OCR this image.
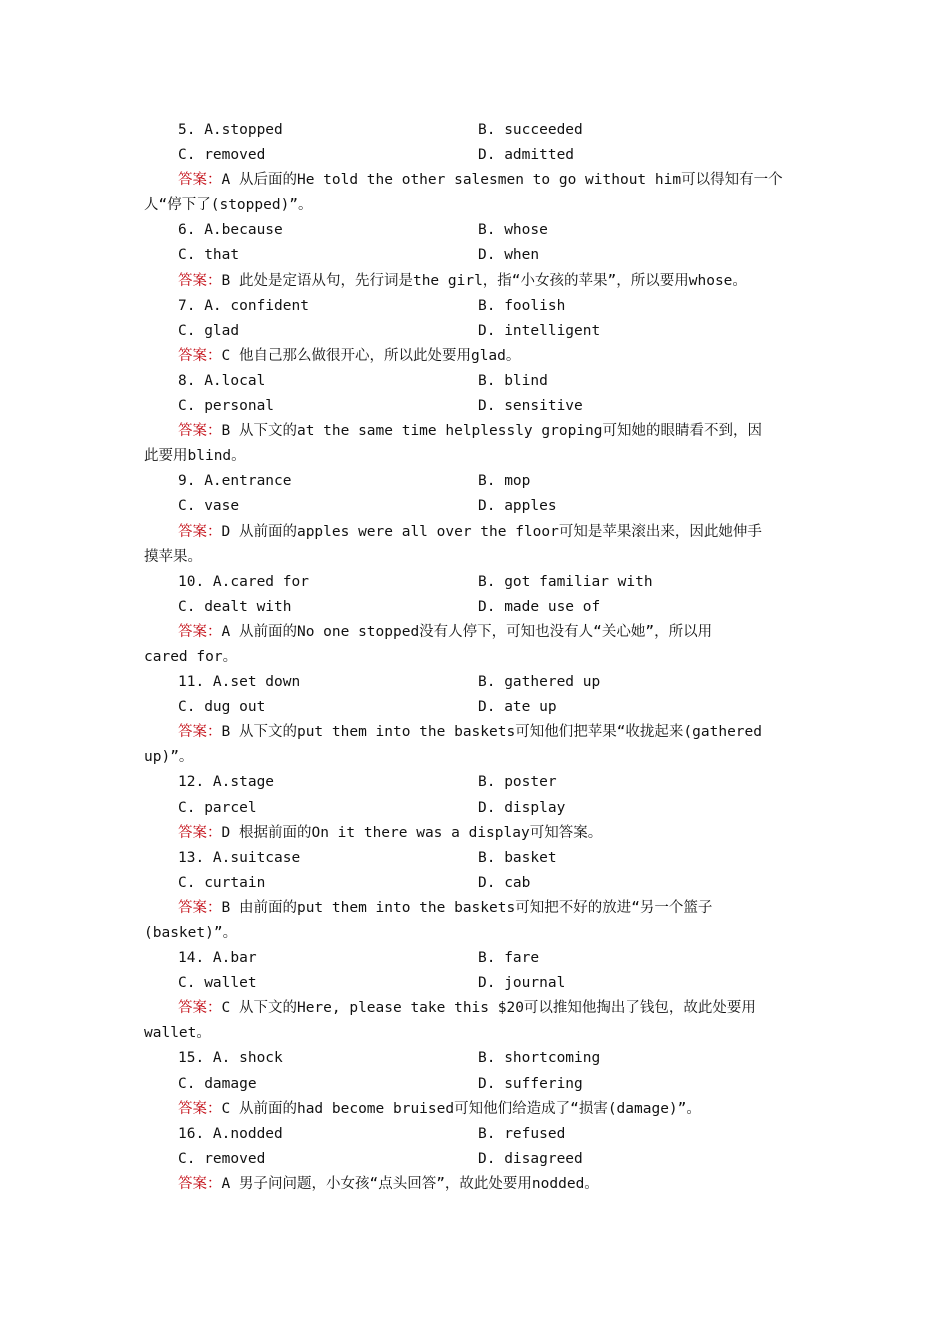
5. A.stopped	B. succeeded
C. removed	D. admitted
答案：A 从后面的He told the other salesmen to go without him可以得知有一个
人“停下了(stopped)”。
6. A.because	B. whose
C. that	D. when
答案：B 此处是定语从句，先行词是the girl，指“小女孩的苹果”，所以要用whose。
7. A. confident	B. foolish
C. glad	D. intelligent
答案：C 他自己那么做很开心，所以此处要用glad。
8. A.local	B. blind
C. personal	D. sensitive
答案：B 从下文的at the same time helplessly groping可知她的眼睛看不到，因
此要用blind。
9. A.entrance	B. mop
C. vase	D. apples
答案：D 从前面的apples were all over the floor可知是苹果滚出来，因此她伸手
摸苹果。
10. A.cared for	B. got familiar with
C. dealt with	D. made use of
答案：A 从前面的No one stopped没有人停下，可知也没有人“关心她”，所以用
cared for。
11. A.set down	B. gathered up
C. dug out	D. ate up
答案：B 从下文的put them into the baskets可知他们把苹果“收拢起来(gathered
up)”。
12. A.stage	B. poster
C. parcel	D. display
答案：D 根据前面的On it there was a display可知答案。
13. A.suitcase	B. basket
C. curtain	D. cab
答案：B 由前面的put them into the baskets可知把不好的放进“另一个篮子
(basket)”。
14. A.bar	B. fare
C. wallet	D. journal
答案：C 从下文的Here, please take this $20可以推知他掏出了钱包，故此处要用
wallet。
15. A. shock	B. shortcoming
C. damage	D. suffering
答案：C 从前面的had become bruised可知他们给造成了“损害(damage)”。
16. A.nodded	B. refused
C. removed	D. disagreed
答案：A 男子问问题，小女孩“点头回答”，故此处要用nodded。
